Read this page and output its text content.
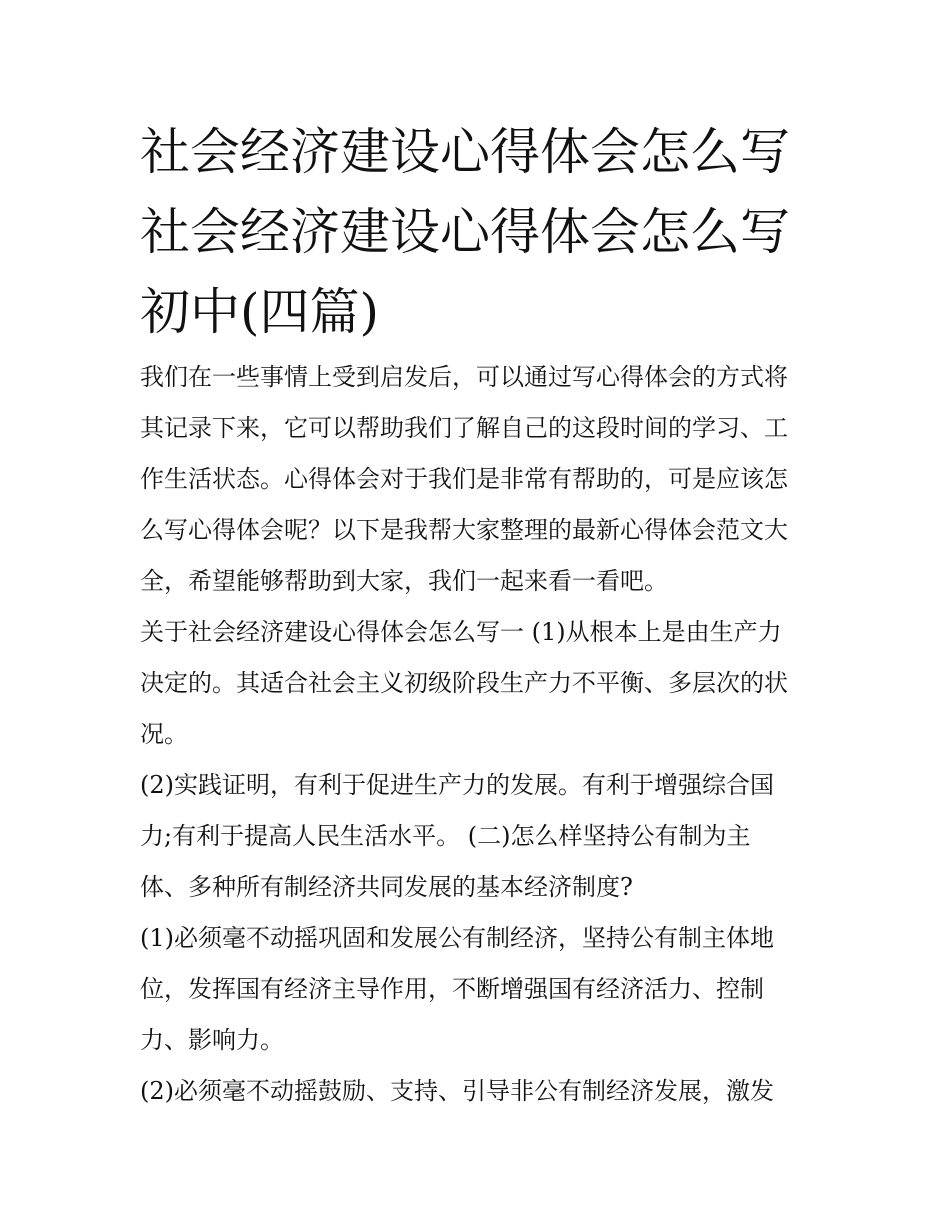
社会经济建设心得体会怎么写
社会经济建设心得体会怎么写
初中(四篇)

我们在一些事情上受到启发后，可以通过写心得体会的方式将
其记录下来，它可以帮助我们了解自己的这段时间的学习、工
作生活状态。心得体会对于我们是非常有帮助的，可是应该怎
么写心得体会呢？以下是我帮大家整理的最新心得体会范文大
全，希望能够帮助到大家，我们一起来看一看吧。

关于社会经济建设心得体会怎么写一 (1)从根本上是由生产力
决定的。其适合社会主义初级阶段生产力不平衡、多层次的状
况。

(2)实践证明，有利于促进生产力的发展。有利于增强综合国
力;有利于提高人民生活水平。 (二)怎么样坚持公有制为主
体、多种所有制经济共同发展的基本经济制度?

(1)必须毫不动摇巩固和发展公有制经济，坚持公有制主体地
位，发挥国有经济主导作用，不断增强国有经济活力、控制
力、影响力。

(2)必须毫不动摇鼓励、支持、引导非公有制经济发展，激发
